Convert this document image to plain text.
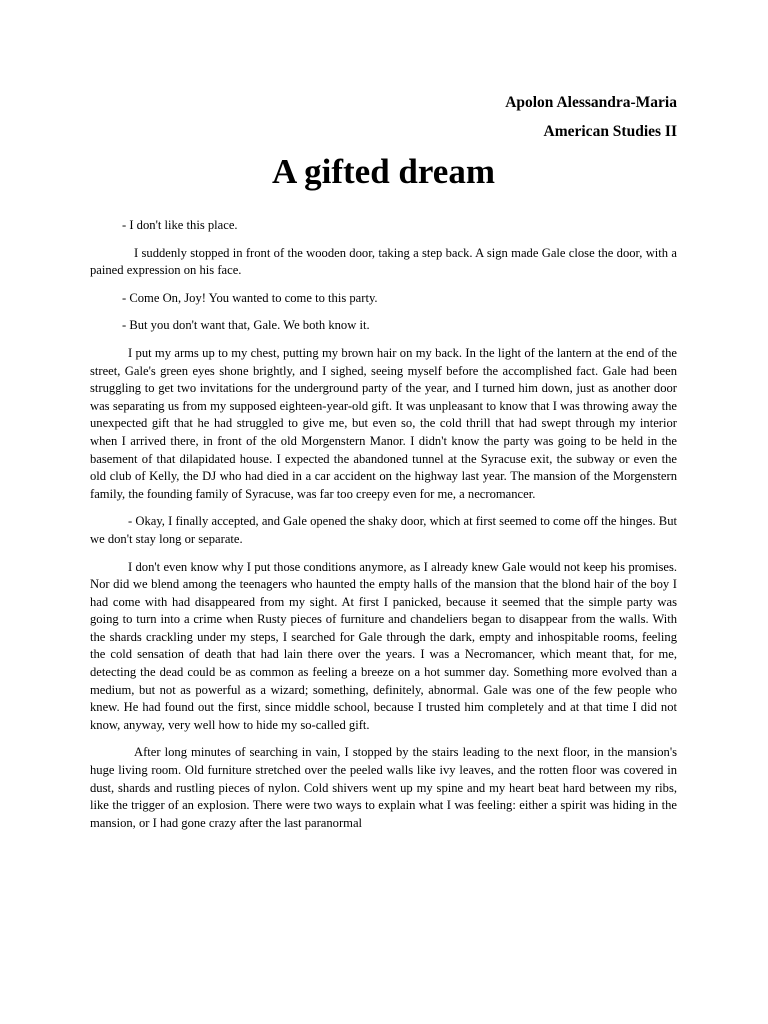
Apolon Alessandra-Maria

American Studies II

A gifted dream

- I don't like this place.

I suddenly stopped in front of the wooden door, taking a step back. A sign made Gale close the door, with a pained expression on his face.

- Come On, Joy! You wanted to come to this party.

- But you don't want that, Gale. We both know it.

I put my arms up to my chest, putting my brown hair on my back. In the light of the lantern at the end of the street, Gale's green eyes shone brightly, and I sighed, seeing myself before the accomplished fact. Gale had been struggling to get two invitations for the underground party of the year, and I turned him down, just as another door was separating us from my supposed eighteen-year-old gift. It was unpleasant to know that I was throwing away the unexpected gift that he had struggled to give me, but even so, the cold thrill that had swept through my interior when I arrived there, in front of the old Morgenstern Manor. I didn't know the party was going to be held in the basement of that dilapidated house. I expected the abandoned tunnel at the Syracuse exit, the subway or even the old club of Kelly, the DJ who had died in a car accident on the highway last year. The mansion of the Morgenstern family, the founding family of Syracuse, was far too creepy even for me, a necromancer.

- Okay, I finally accepted, and Gale opened the shaky door, which at first seemed to come off the hinges. But we don't stay long or separate.

I don't even know why I put those conditions anymore, as I already knew Gale would not keep his promises. Nor did we blend among the teenagers who haunted the empty halls of the mansion that the blond hair of the boy I had come with had disappeared from my sight. At first I panicked, because it seemed that the simple party was going to turn into a crime when Rusty pieces of furniture and chandeliers began to disappear from the walls. With the shards crackling under my steps, I searched for Gale through the dark, empty and inhospitable rooms, feeling the cold sensation of death that had lain there over the years. I was a Necromancer, which meant that, for me, detecting the dead could be as common as feeling a breeze on a hot summer day. Something more evolved than a medium, but not as powerful as a wizard; something, definitely, abnormal. Gale was one of the few people who knew. He had found out the first, since middle school, because I trusted him completely and at that time I did not know, anyway, very well how to hide my so-called gift.

After long minutes of searching in vain, I stopped by the stairs leading to the next floor, in the mansion's huge living room. Old furniture stretched over the peeled walls like ivy leaves, and the rotten floor was covered in dust, shards and rustling pieces of nylon. Cold shivers went up my spine and my heart beat hard between my ribs, like the trigger of an explosion. There were two ways to explain what I was feeling: either a spirit was hiding in the mansion, or I had gone crazy after the last paranormal
